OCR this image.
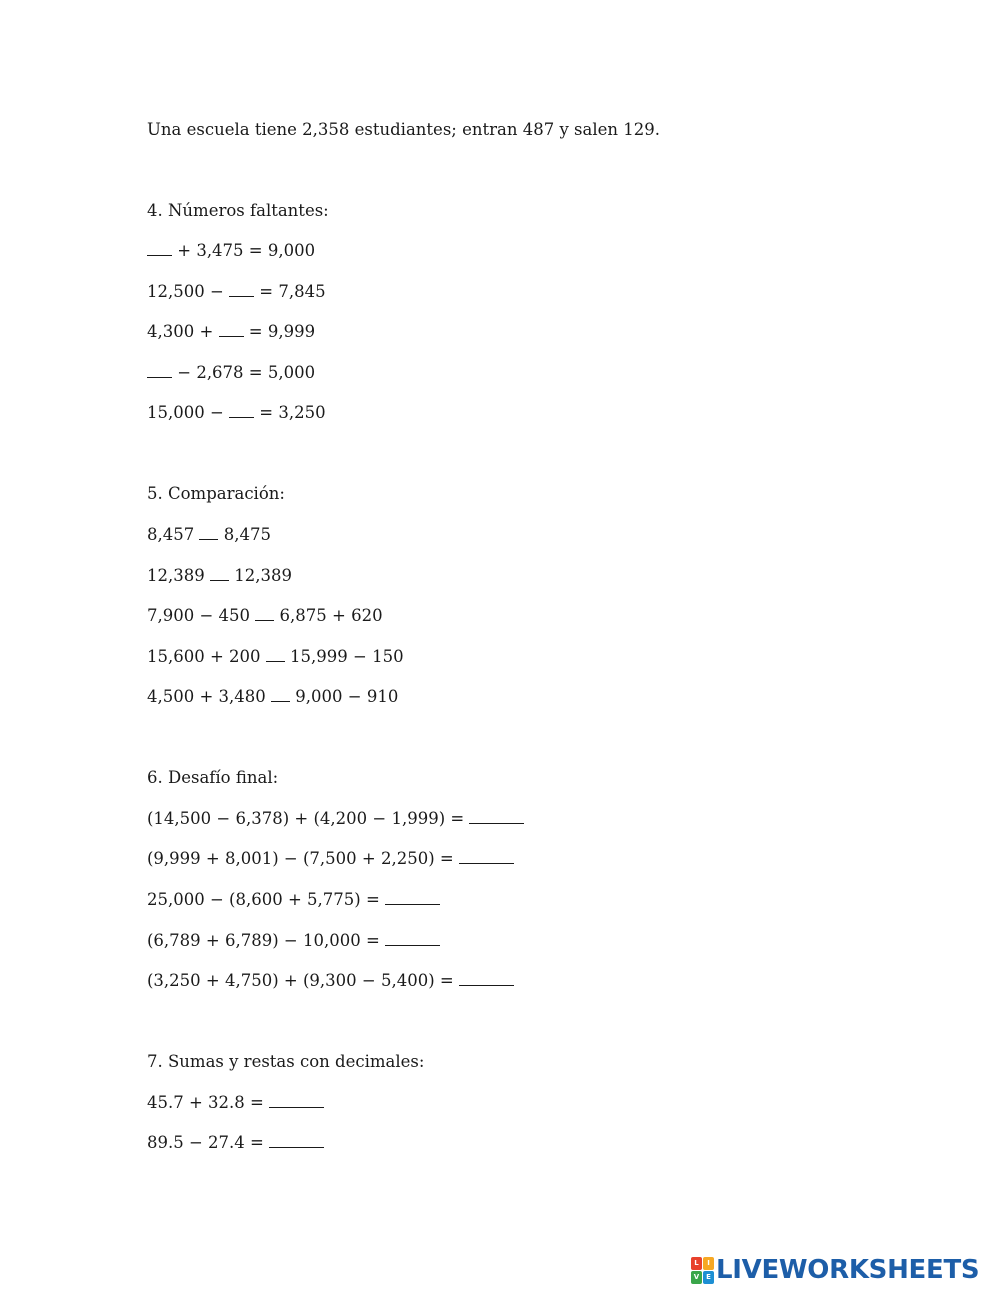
Una escuela tiene 2,358 estudiantes; entran 487 y salen 129.
4. Números faltantes:
+ 3,475 = 9,000
12,500 −  = 7,845
4,300 +  = 9,999
− 2,678 = 5,000
15,000 −  = 3,250
5. Comparación:
8,457  8,475
12,389  12,389
7,900 − 450  6,875 + 620
15,600 + 200  15,999 − 150
4,500 + 3,480  9,000 − 910
6. Desafío final:
(14,500 − 6,378) + (4,200 − 1,999) =
(9,999 + 8,001) − (7,500 + 2,250) =
25,000 − (8,600 + 5,775) =
(6,789 + 6,789) − 10,000 =
(3,250 + 4,750) + (9,300 − 5,400) =
7. Sumas y restas con decimales:
45.7 + 32.8 =
89.5 − 27.4 =
L	I
V E LIVEWORKSHEETS
